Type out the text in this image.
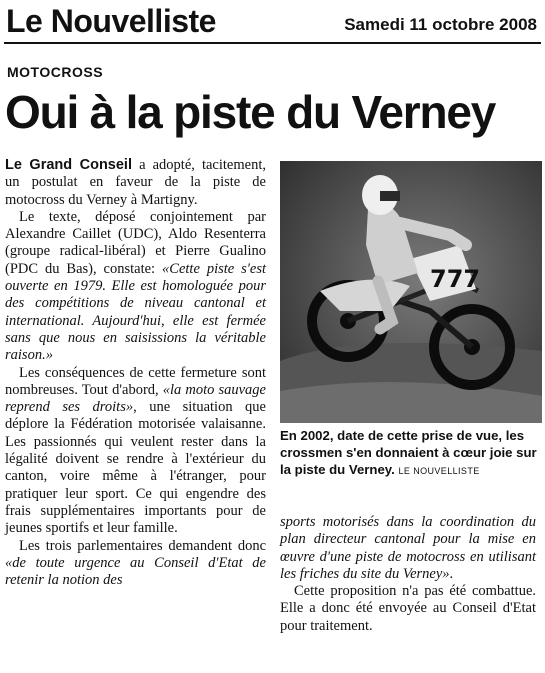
Le Nouvelliste	Samedi 11 octobre 2008
MOTOCROSS
Oui à la piste du Verney

Le Grand Conseil a adopté, tacitement, un postulat en faveur de la piste de motocross du Verney à Martigny.

Le texte, déposé conjointement par Alexandre Caillet (UDC), Aldo Resenterra (groupe radical-libéral) et Pierre Gualino (PDC du Bas), constate: «Cette piste s'est ouverte en 1979. Elle est homologuée pour des compétitions de niveau cantonal et international. Aujourd'hui, elle est fermée sans que nous en saisissions la véritable raison.»

Les conséquences de cette fermeture sont nombreuses. Tout d'abord, «la moto sauvage reprend ses droits», une situation que déplore la Fédération motorisée valaisanne. Les passionnés qui veulent rester dans la légalité doivent se rendre à l'extérieur du canton, voire même à l'étranger, pour pratiquer leur sport. Ce qui engendre des frais supplémentaires importants pour de jeunes sportifs et leur famille.

Les trois parlementaires demandent donc «de toute urgence au Conseil d'Etat de retenir la notion des

777
En 2002, date de cette prise de vue, les crossmen s'en donnaient à cœur joie sur la piste du Verney. LE NOUVELLISTE

sports motorisés dans la coordination du plan directeur cantonal pour la mise en œuvre d'une piste de motocross en utilisant les friches du site du Verney».

Cette proposition n'a pas été combattue. Elle a donc été envoyée au Conseil d'Etat pour traitement.
